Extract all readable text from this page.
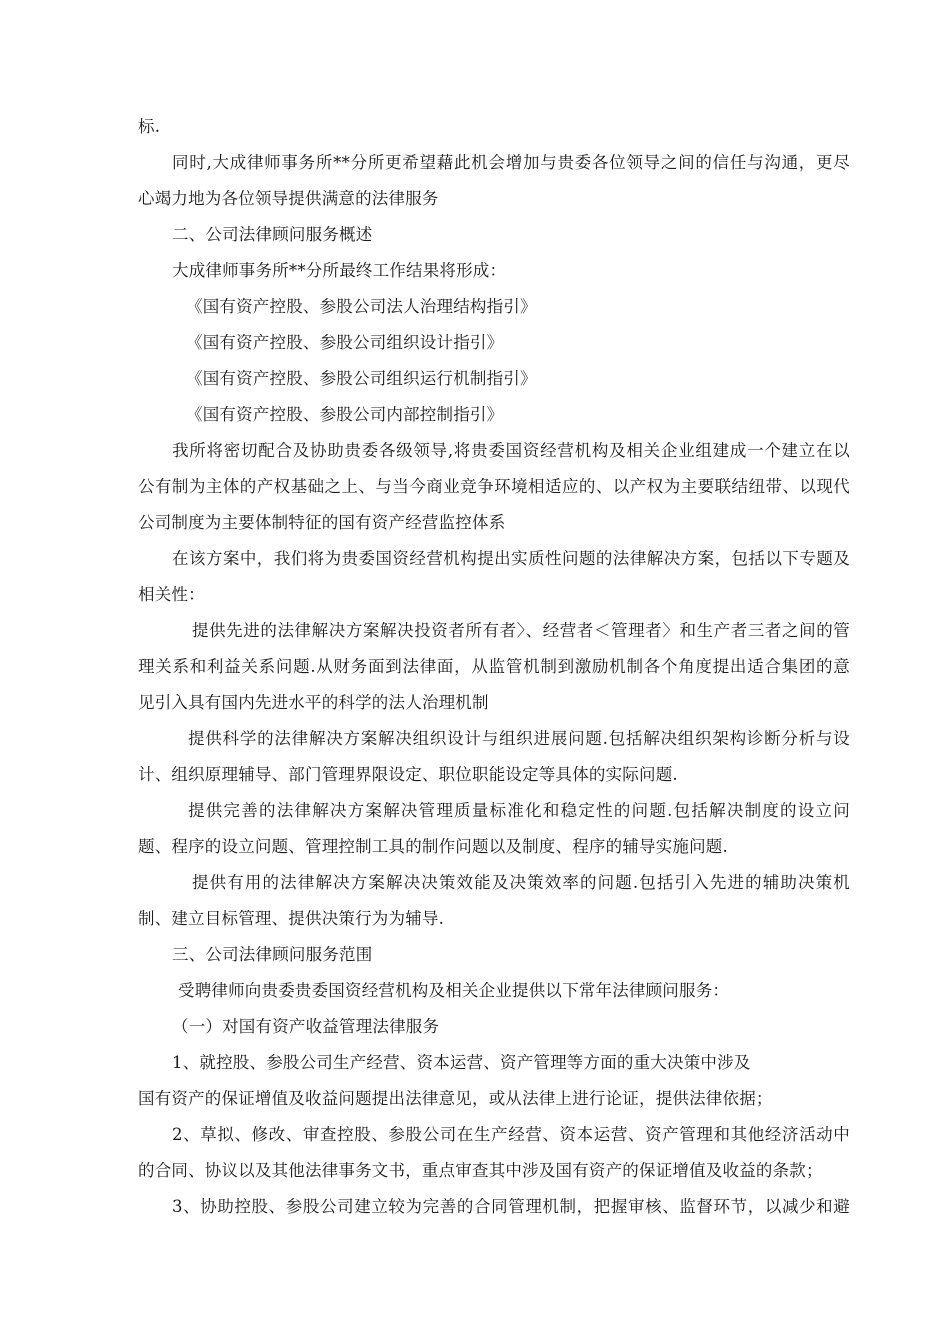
标.
同时,大成律师事务所**分所更希望藉此机会增加与贵委各位领导之间的信任与沟通，更尽
心竭力地为各位领导提供满意的法律服务
二、公司法律顾问服务概述
大成律师事务所**分所最终工作结果将形成：
《国有资产控股、参股公司法人治理结构指引》
《国有资产控股、参股公司组织设计指引》
《国有资产控股、参股公司组织运行机制指引》
《国有资产控股、参股公司内部控制指引》
我所将密切配合及协助贵委各级领导,将贵委国资经营机构及相关企业组建成一个建立在以
公有制为主体的产权基础之上、与当今商业竞争环境相适应的、以产权为主要联结纽带、以现代
公司制度为主要体制特征的国有资产经营监控体系
在该方案中，我们将为贵委国资经营机构提出实质性问题的法律解决方案，包括以下专题及
相关性：
提供先进的法律解决方案解决投资者所有者〉、经营者＜管理者〉和生产者三者之间的管
理关系和利益关系问题.从财务面到法律面，从监管机制到激励机制各个角度提出适合集团的意
见引入具有国内先进水平的科学的法人治理机制
提供科学的法律解决方案解决组织设计与组织进展问题.包括解决组织架构诊断分析与设
计、组织原理辅导、部门管理界限设定、职位职能设定等具体的实际问题.
提供完善的法律解决方案解决管理质量标准化和稳定性的问题.包括解决制度的设立问
题、程序的设立问题、管理控制工具的制作问题以及制度、程序的辅导实施问题.
提供有用的法律解决方案解决决策效能及决策效率的问题.包括引入先进的辅助决策机
制、建立目标管理、提供决策行为为辅导.
三、公司法律顾问服务范围
受聘律师向贵委贵委国资经营机构及相关企业提供以下常年法律顾问服务：
（一）对国有资产收益管理法律服务
1、就控股、参股公司生产经营、资本运营、资产管理等方面的重大决策中涉及
国有资产的保证增值及收益问题提出法律意见，或从法律上进行论证，提供法律依据；
2、草拟、修改、审查控股、参股公司在生产经营、资本运营、资产管理和其他经济活动中
的合同、协议以及其他法律事务文书，重点审查其中涉及国有资产的保证增值及收益的条款；
3、协助控股、参股公司建立较为完善的合同管理机制，把握审核、监督环节，以减少和避
